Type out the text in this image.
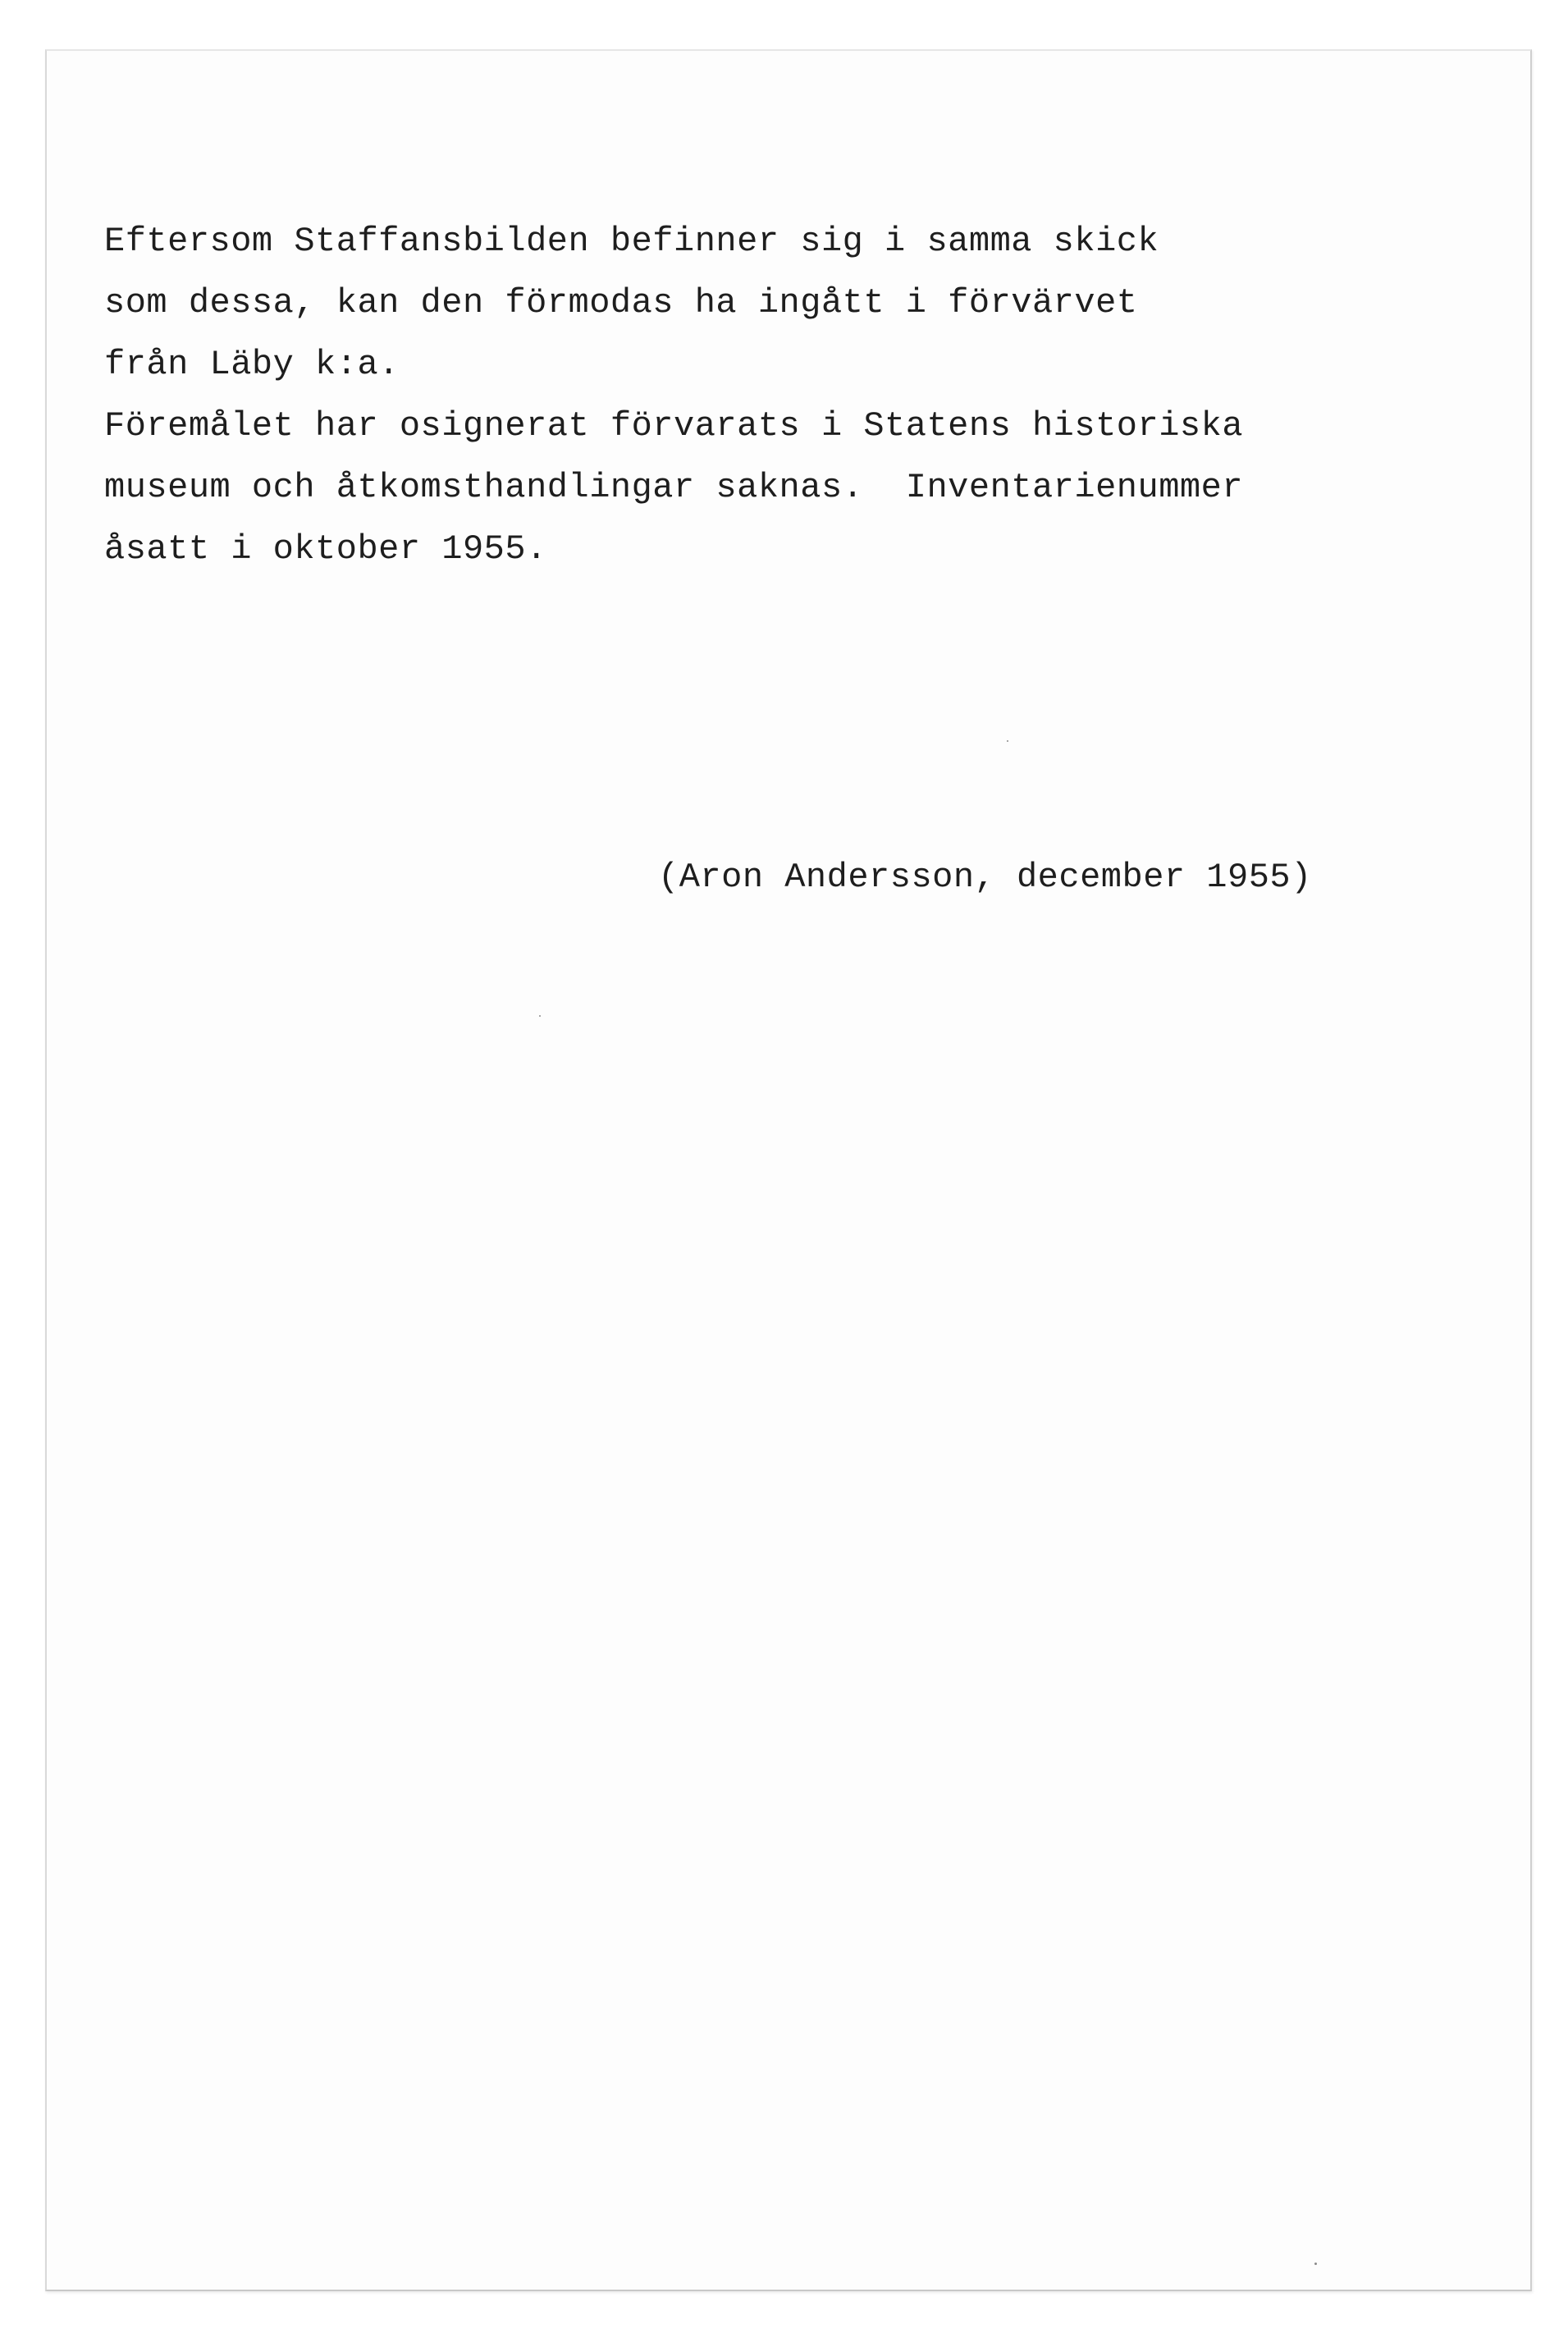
Eftersom Staffansbilden befinner sig i samma skick
som dessa, kan den förmodas ha ingått i förvärvet
från Läby k:a.
Föremålet har osignerat förvarats i Statens historiska
museum och åtkomsthandlingar saknas.  Inventarienummer
åsatt i oktober 1955.
(Aron Andersson, december 1955)
